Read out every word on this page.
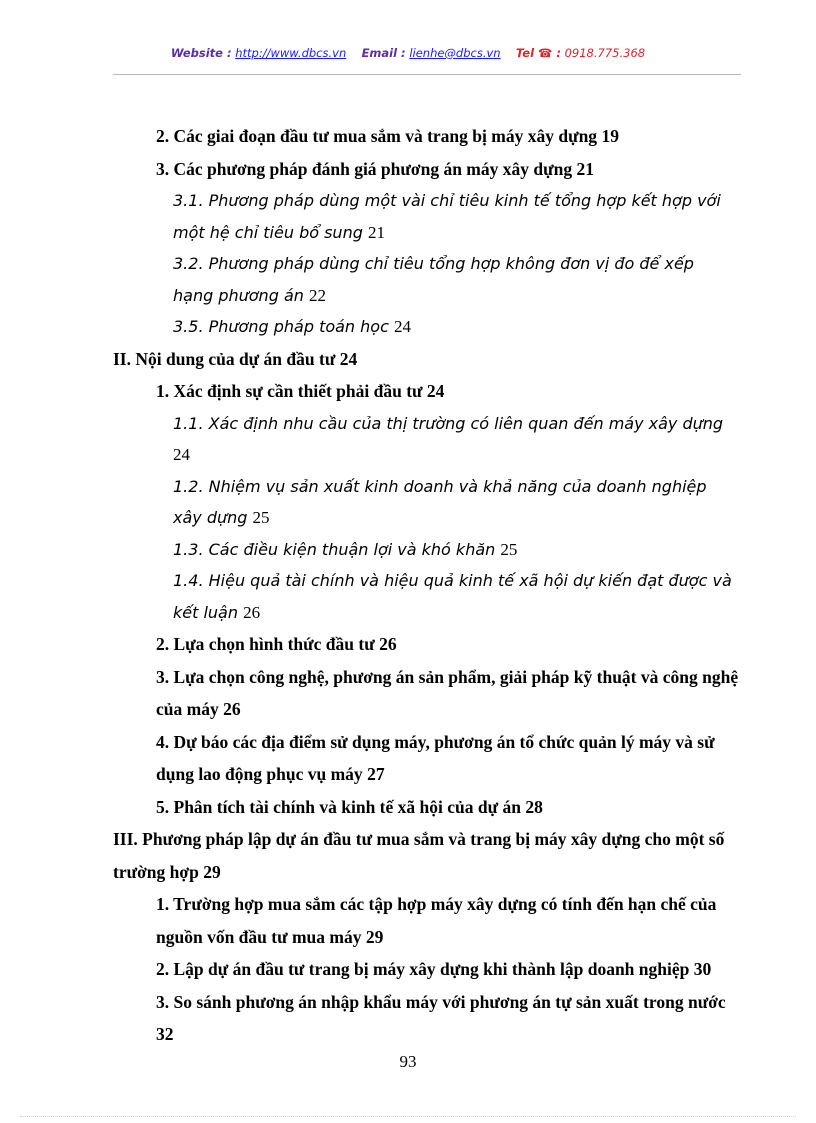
Website : http://www.dbcs.vn Email : lienhe@dbcs.vn Tel ☎ : 0918.775.368
2. Các giai đoạn đầu tư mua sắm và trang bị máy xây dựng 19
3. Các phương pháp đánh giá phương án máy xây dựng 21
3.1. Phương pháp dùng một vài chỉ tiêu kinh tế tổng hợp kết hợp với một hệ chỉ tiêu bổ sung 21
3.2. Phương pháp dùng chỉ tiêu tổng hợp không đơn vị đo để xếp hạng phương án 22
3.5. Phương pháp toán học 24
II. Nội dung của dự án đầu tư 24
1. Xác định sự cần thiết phải đầu tư 24
1.1. Xác định nhu cầu của thị trường có liên quan đến máy xây dựng 24
1.2. Nhiệm vụ sản xuất kinh doanh và khả năng của doanh nghiệp xây dựng 25
1.3. Các điều kiện thuận lợi và khó khăn 25
1.4. Hiệu quả tài chính và hiệu quả kinh tế xã hội dự kiến đạt được và kết luận 26
2. Lựa chọn hình thức đầu tư 26
3. Lựa chọn công nghệ, phương án sản phẩm, giải pháp kỹ thuật và công nghệ của máy 26
4. Dự báo các địa điểm sử dụng máy, phương án tổ chức quản lý máy và sử dụng lao động phục vụ máy 27
5. Phân tích tài chính và kinh tế xã hội của dự án 28
III. Phương pháp lập dự án đầu tư mua sắm và trang bị máy xây dựng cho một số trường hợp 29
1. Trường hợp mua sắm các tập hợp máy xây dựng có tính đến hạn chế của nguồn vốn đầu tư mua máy 29
2. Lập dự án đầu tư trang bị máy xây dựng khi thành lập doanh nghiệp 30
3. So sánh phương án nhập khẩu máy với phương án tự sản xuất trong nước 32
93
